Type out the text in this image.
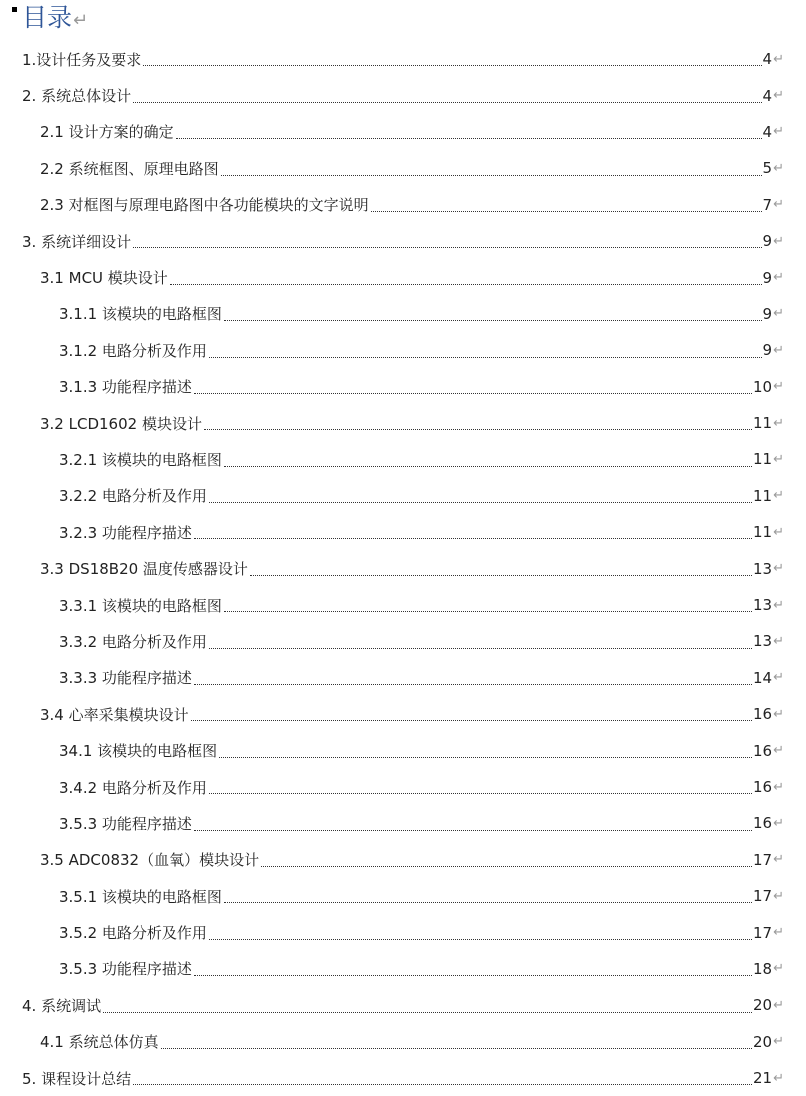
目录↵
1.设计任务及要求	4 ↵
2. 系统总体设计	4 ↵
2.1 设计方案的确定	4 ↵
2.2 系统框图、原理电路图	5 ↵
2.3 对框图与原理电路图中各功能模块的文字说明	7 ↵
3. 系统详细设计	9 ↵
3.1 MCU 模块设计	9 ↵
3.1.1 该模块的电路框图	9 ↵
3.1.2 电路分析及作用	9 ↵
3.1.3 功能程序描述	10 ↵
3.2 LCD1602 模块设计	11 ↵
3.2.1 该模块的电路框图	11 ↵
3.2.2 电路分析及作用	11 ↵
3.2.3 功能程序描述	11 ↵
3.3 DS18B20 温度传感器设计	13 ↵
3.3.1 该模块的电路框图	13 ↵
3.3.2 电路分析及作用	13 ↵
3.3.3 功能程序描述	14 ↵
3.4 心率采集模块设计	16 ↵
34.1 该模块的电路框图	16 ↵
3.4.2 电路分析及作用	16 ↵
3.5.3 功能程序描述	16 ↵
3.5 ADC0832（血氧）模块设计	17 ↵
3.5.1 该模块的电路框图	17 ↵
3.5.2 电路分析及作用	17 ↵
3.5.3 功能程序描述	18 ↵
4. 系统调试	20 ↵
4.1 系统总体仿真	20 ↵
5. 课程设计总结	21 ↵
